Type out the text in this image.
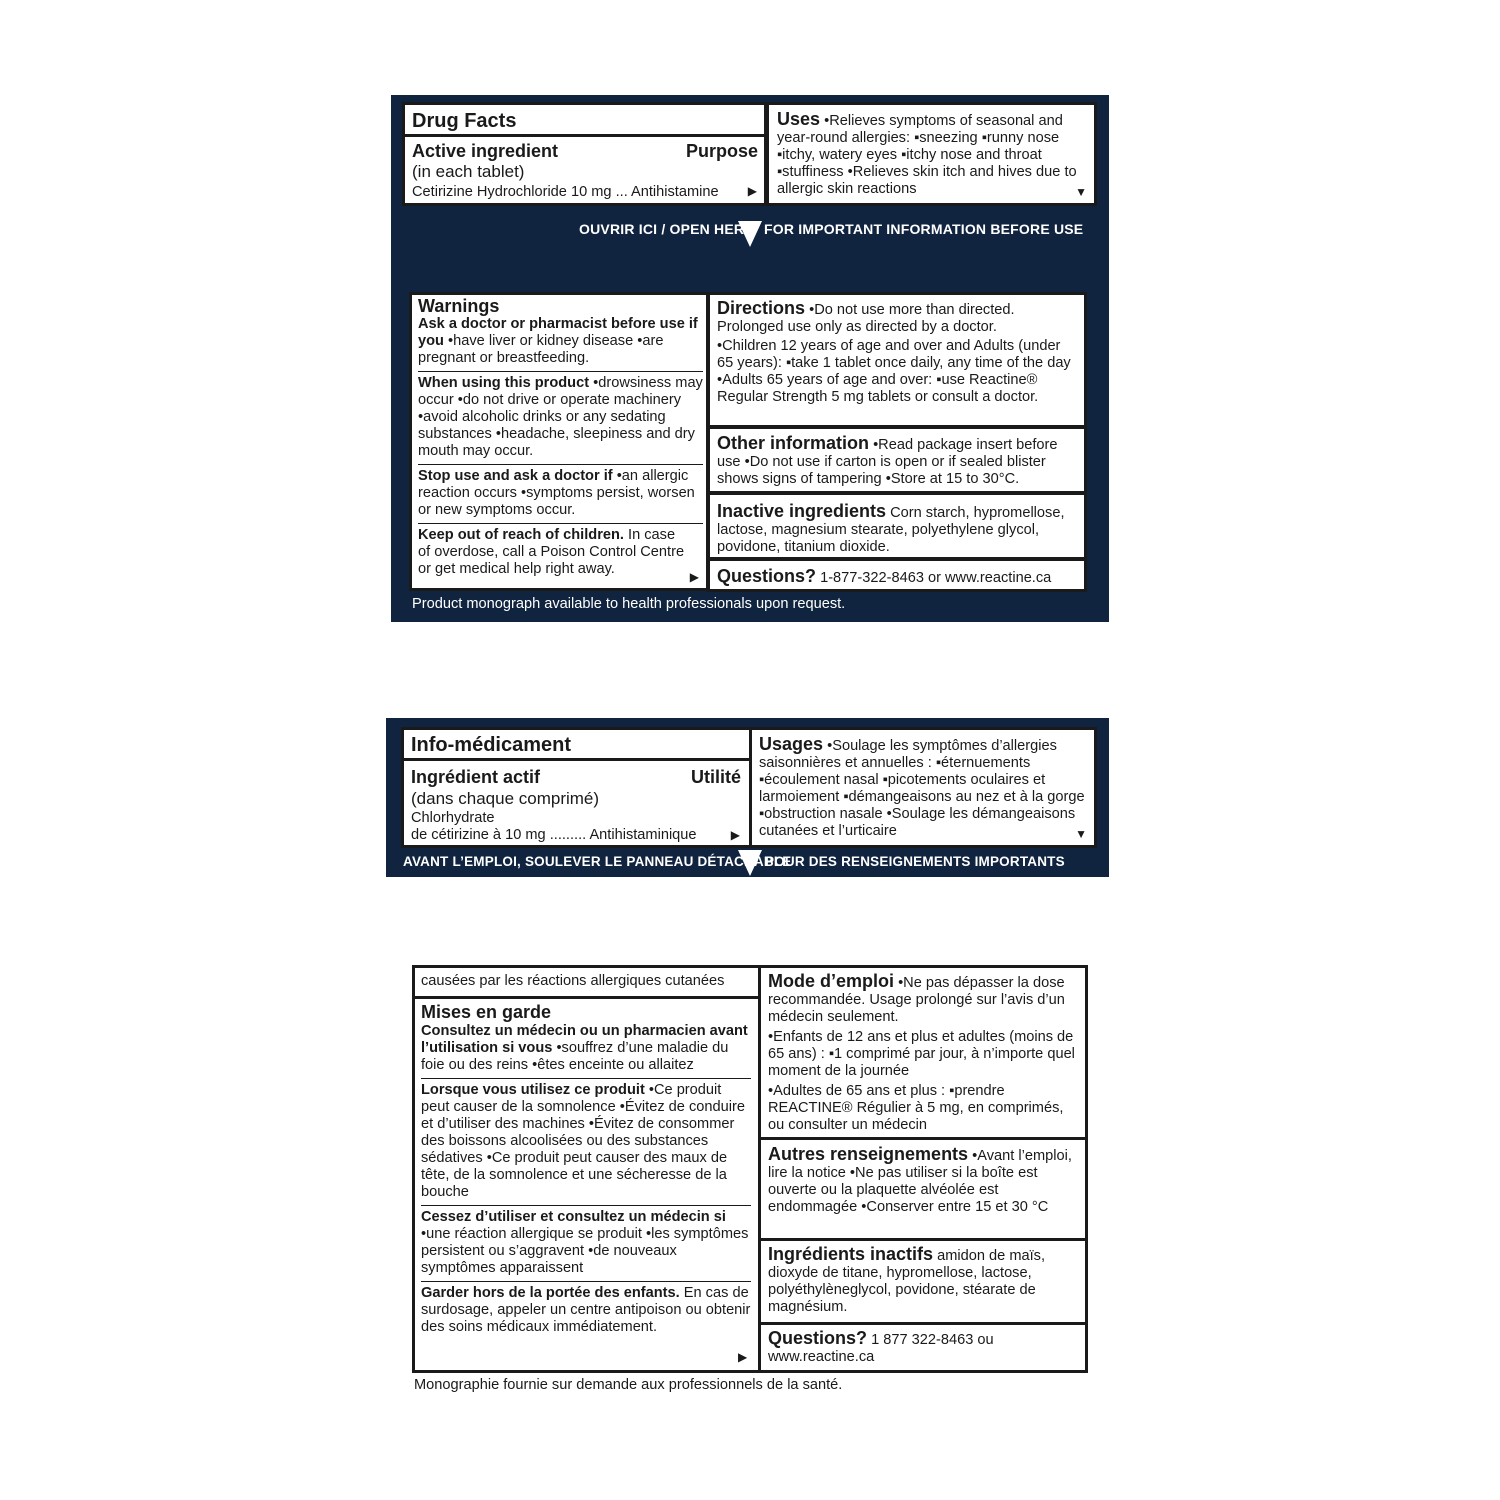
Drug Facts
Active ingredient	Purpose
(in each tablet)
Cetirizine Hydrochloride 10 mg ... Antihistamine ▶
Uses •Relieves symptoms of seasonal and year-round allergies: ▪sneezing ▪runny nose ▪itchy, watery eyes ▪itchy nose and throat ▪stuffiness •Relieves skin itch and hives due to allergic skin reactions	▼
OUVRIR ICI / OPEN HERE FOR IMPORTANT INFORMATION BEFORE USE
Warnings
Ask a doctor or pharmacist before use if you •have liver or kidney disease •are pregnant or breastfeeding.
When using this product •drowsiness may occur •do not drive or operate machinery •avoid alcoholic drinks or any sedating substances •headache, sleepiness and dry mouth may occur.
Stop use and ask a doctor if •an allergic reaction occurs •symptoms persist, worsen or new symptoms occur.
Keep out of reach of children. In case of overdose, call a Poison Control Centre or get medical help right away.	▶
Directions •Do not use more than directed. Prolonged use only as directed by a doctor.
•Children 12 years of age and over and Adults (under 65 years): ▪take 1 tablet once daily, any time of the day •Adults 65 years of age and over: ▪use Reactine® Regular Strength 5 mg tablets or consult a doctor.
Other information •Read package insert before use •Do not use if carton is open or if sealed blister shows signs of tampering •Store at 15 to 30°C.
Inactive ingredients Corn starch, hypromellose, lactose, magnesium stearate, polyethylene glycol, povidone, titanium dioxide.
Questions? 1-877-322-8463 or www.reactine.ca
Product monograph available to health professionals upon request.
Info-médicament
Ingrédient actif	Utilité
(dans chaque comprimé)
Chlorhydrate
de cétirizine à 10 mg ......... Antihistaminique	▶
Usages •Soulage les symptômes d’allergies saisonnières et annuelles : ▪éternuements ▪écoulement nasal ▪picotements oculaires et larmoiement ▪démangeaisons au nez et à la gorge ▪obstruction nasale •Soulage les démangeaisons cutanées et l’urticaire	▼
AVANT L’EMPLOI, SOULEVER LE PANNEAU DÉTACHABLE
POUR DES RENSEIGNEMENTS IMPORTANTS
causées par les réactions allergiques cutanées
Mises en garde
Consultez un médecin ou un pharmacien avant l’utilisation si vous •souffrez d’une maladie du foie ou des reins •êtes enceinte ou allaitez
Lorsque vous utilisez ce produit •Ce produit peut causer de la somnolence •Évitez de conduire et d’utiliser des machines •Évitez de consommer des boissons alcoolisées ou des substances sédatives •Ce produit peut causer des maux de tête, de la somnolence et une sécheresse de la bouche
Cessez d’utiliser et consultez un médecin si •une réaction allergique se produit •les symptômes persistent ou s’aggravent •de nouveaux symptômes apparaissent
Garder hors de la portée des enfants. En cas de surdosage, appeler un centre antipoison ou obtenir des soins médicaux immédiatement.
▶
Mode d’emploi •Ne pas dépasser la dose recommandée. Usage prolongé sur l’avis d’un médecin seulement.
•Enfants de 12 ans et plus et adultes (moins de 65 ans) : ▪1 comprimé par jour, à n’importe quel moment de la journée
•Adultes de 65 ans et plus : ▪prendre REACTINE® Régulier à 5 mg, en comprimés, ou consulter un médecin
Autres renseignements •Avant l’emploi, lire la notice •Ne pas utiliser si la boîte est ouverte ou la plaquette alvéolée est endommagée •Conserver entre 15 et 30 °C
Ingrédients inactifs amidon de maïs, dioxyde de titane, hypromellose, lactose, polyéthylèneglycol, povidone, stéarate de magnésium.
Questions? 1 877 322-8463 ou www.reactine.ca
Monographie fournie sur demande aux professionnels de la santé.
